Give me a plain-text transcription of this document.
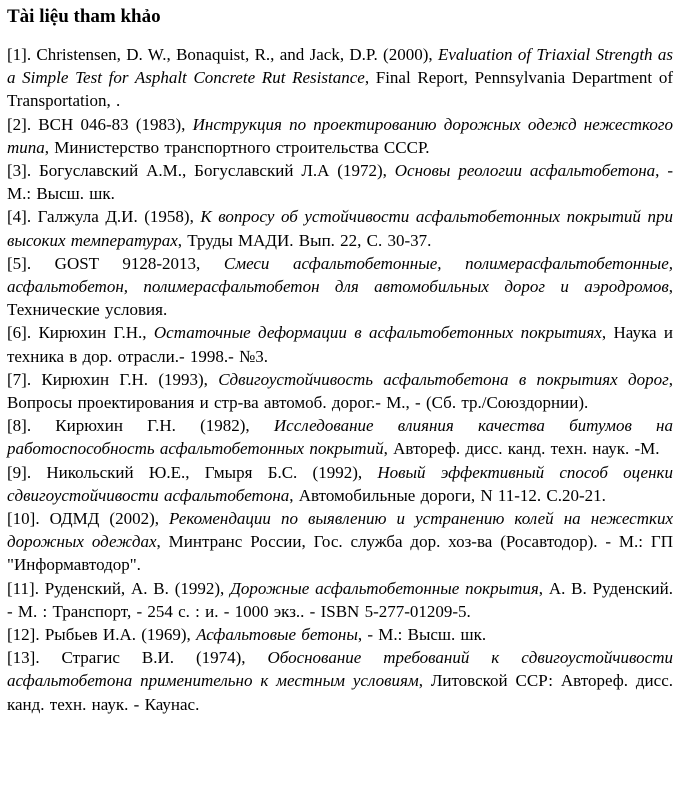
Tài liệu tham khảo

[1]. Christensen, D. W., Bonaquist, R., and Jack, D.P. (2000), Evaluation of Triaxial Strength as a Simple Test for Asphalt Concrete Rut Resistance, Final Report, Pennsylvania Department of Transportation, .

[2]. ВСН 046-83 (1983), Инструкция по проектированию дорожных одежд нежесткого типа, Министерство транспортного строительства СССР.

[3]. Богуславский А.М., Богуславский Л.А (1972), Основы реологии асфальтобетона, - М.: Высш. шк.

[4]. Галжула Д.И. (1958), К вопросу об устойчивости асфальтобетонных покрытий при высоких температурах, Труды МАДИ. Вып. 22, С. 30-37.

[5]. GOST 9128-2013, Смеси асфальтобетонные, полимерасфальтобетонные, асфальтобетон, полимерасфальтобетон для автомобильных дорог и аэродромов, Технические условия.

[6]. Кирюхин Г.Н., Остаточные деформации в асфальтобетонных покрытиях, Наука и техника в дор. отрасли.- 1998.- №3.

[7]. Кирюхин Г.Н. (1993), Сдвигоустойчивость асфальтобетона в покрытиях дорог, Вопросы проектирования и стр-ва автомоб. дорог.- М., - (Сб. тр./Союздорнии).

[8]. Кирюхин Г.Н. (1982), Исследование влияния качества битумов на работоспособность асфальтобетонных покрытий, Автореф. дисс. канд. техн. наук. -М.

[9]. Никольский Ю.Е., Гмыря Б.С. (1992), Новый эффективный способ оценки сдвигоустойчивости асфальтобетона, Автомобильные дороги, N 11-12. С.20-21.

[10]. ОДМД (2002), Рекомендации по выявлению и устранению колей на нежестких дорожных одеждах, Минтранс России, Гос. служба дор. хоз-ва (Росавтодор). - М.: ГП "Информавтодор".

[11]. Руденский, А. В. (1992), Дорожные асфальтобетонные покрытия, А. В. Руденский. - М. : Транспорт, - 254 с. : и. - 1000 экз.. - ISBN 5-277-01209-5.

[12]. Рыбьев И.А. (1969), Асфальтовые бетоны, - М.: Высш. шк.

[13]. Страгис В.И. (1974), Обоснование требований к сдвигоустойчивости асфальтобетона применительно к местным условиям, Литовской ССР: Автореф. дисс. канд. техн. наук. - Каунас.
